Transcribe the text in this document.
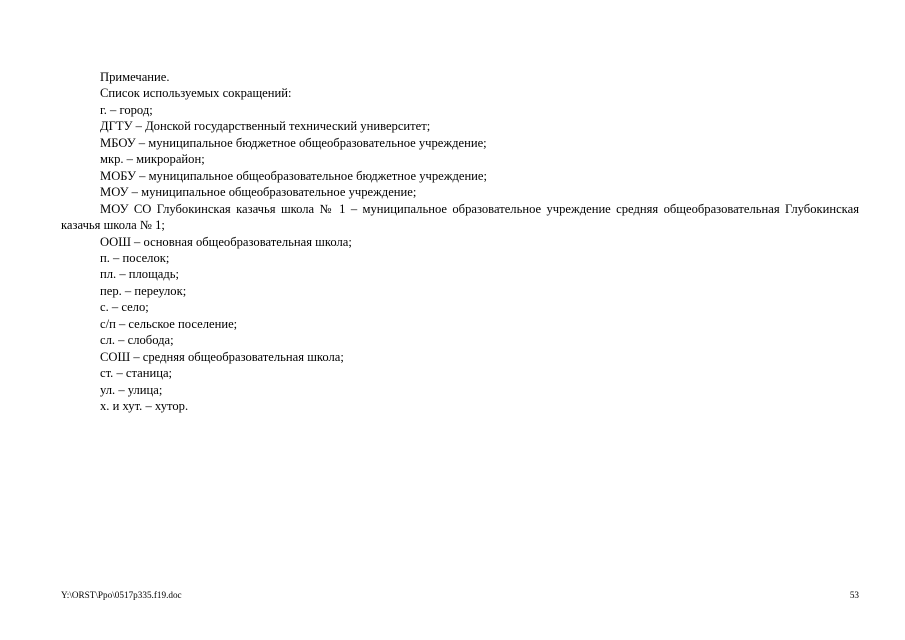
Примечание.
Список используемых сокращений:
г. – город;
ДГТУ – Донской государственный технический университет;
МБОУ – муниципальное бюджетное общеобразовательное учреждение;
мкр. – микрорайон;
МОБУ – муниципальное общеобразовательное бюджетное учреждение;
МОУ – муниципальное общеобразовательное учреждение;
МОУ СО Глубокинская казачья школа № 1 – муниципальное образовательное учреждение средняя общеобразовательная Глубокинская казачья школа № 1;
ООШ – основная общеобразовательная школа;
п. – поселок;
пл. – площадь;
пер. – переулок;
с. – село;
с/п – сельское поселение;
сл. – слобода;
СОШ – средняя общеобразовательная школа;
ст. – станица;
ул. – улица;
х. и хут. – хутор.
Y:\ORST\Ppo\0517p335.f19.doc	53
